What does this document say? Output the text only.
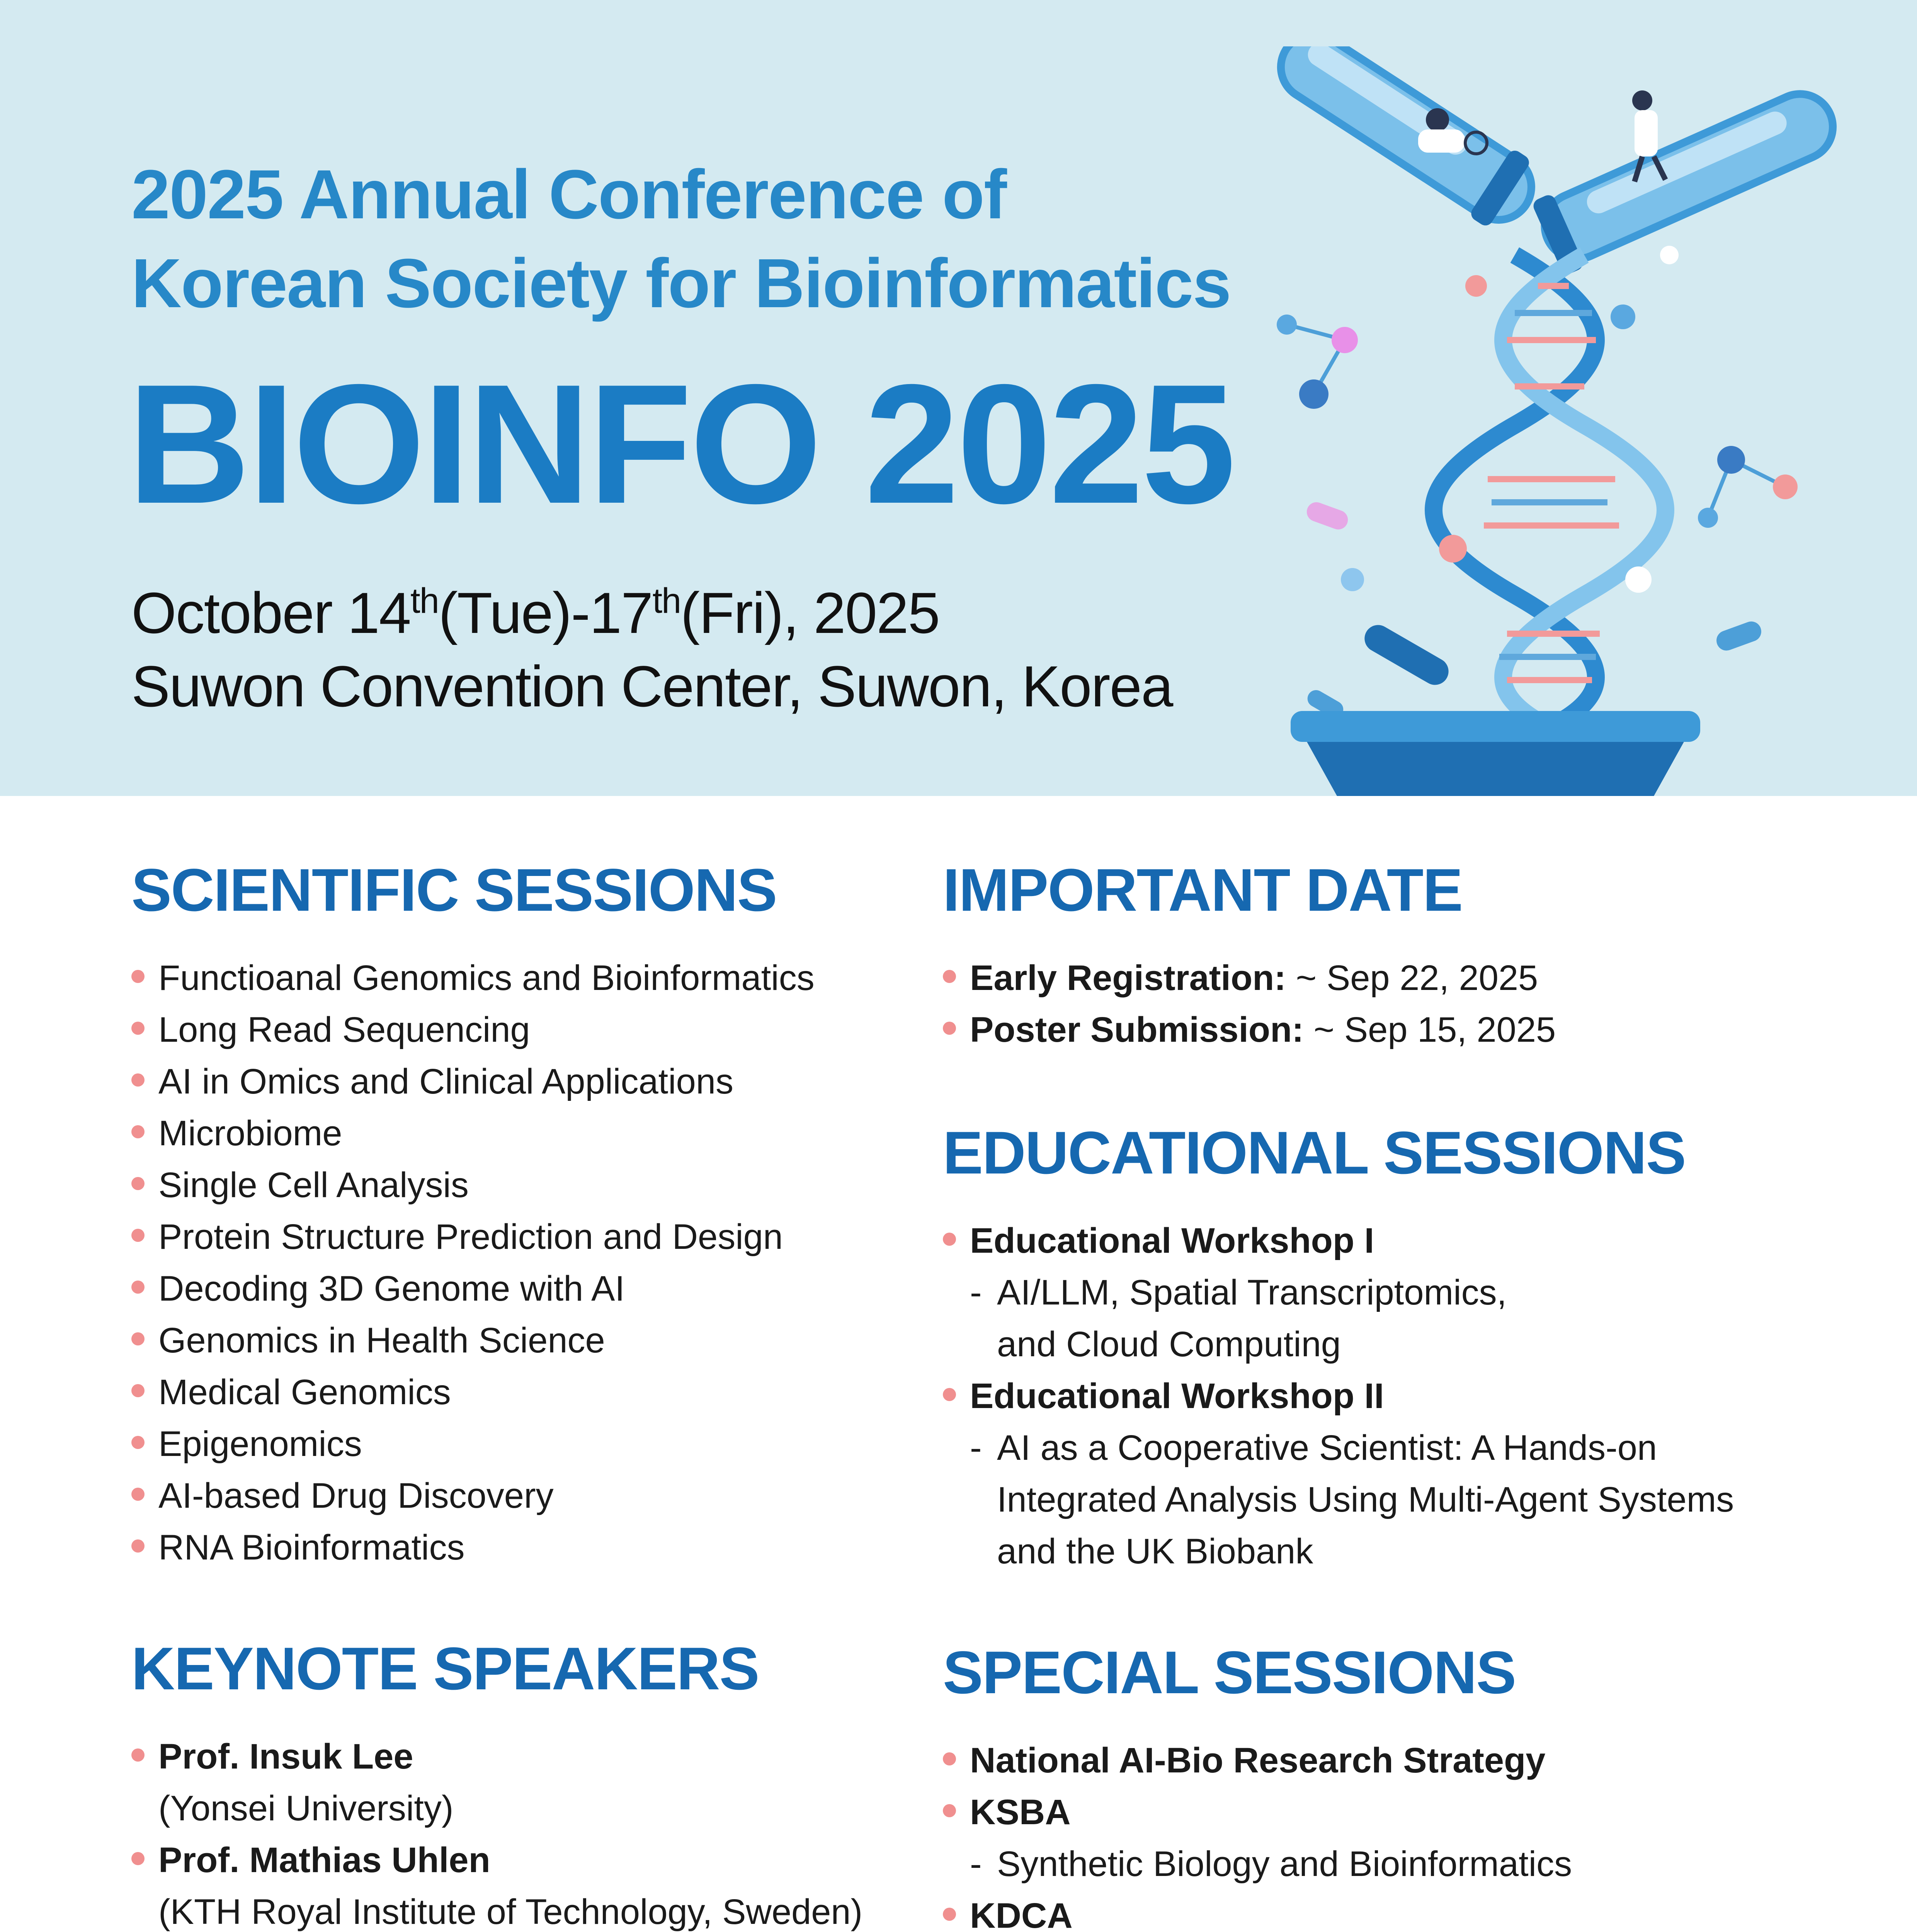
2025 Annual Conference of
Korean Society for Bioinformatics
BIOINFO 2025
October 14th(Tue)-17th(Fri), 2025
Suwon Convention Center, Suwon, Korea
SCIENTIFIC SESSIONS
Functioanal Genomics and Bioinformatics
Long Read Sequencing
AI in Omics and Clinical Applications
Microbiome
Single Cell Analysis
Protein Structure Prediction and Design
Decoding 3D Genome with AI
Genomics in Health Science
Medical Genomics
Epigenomics
AI-based Drug Discovery
RNA Bioinformatics
KEYNOTE SPEAKERS
Prof. Insuk Lee
(Yonsei University)
Prof. Mathias Uhlen
(KTH Royal Institute of Technology, Sweden)
IMPORTANT DATE
Early Registration: ~ Sep 22, 2025
Poster Submission: ~ Sep 15, 2025
EDUCATIONAL SESSIONS
Educational Workshop I
- AI/LLM, Spatial Transcriptomics,
and Cloud Computing
Educational Workshop II
- AI as a Cooperative Scientist: A Hands-on
Integrated Analysis Using Multi-Agent Systems
and the UK Biobank
SPECIAL SESSIONS
National AI-Bio Research Strategy
KSBA
- Synthetic Biology and Bioinformatics
KDCA
